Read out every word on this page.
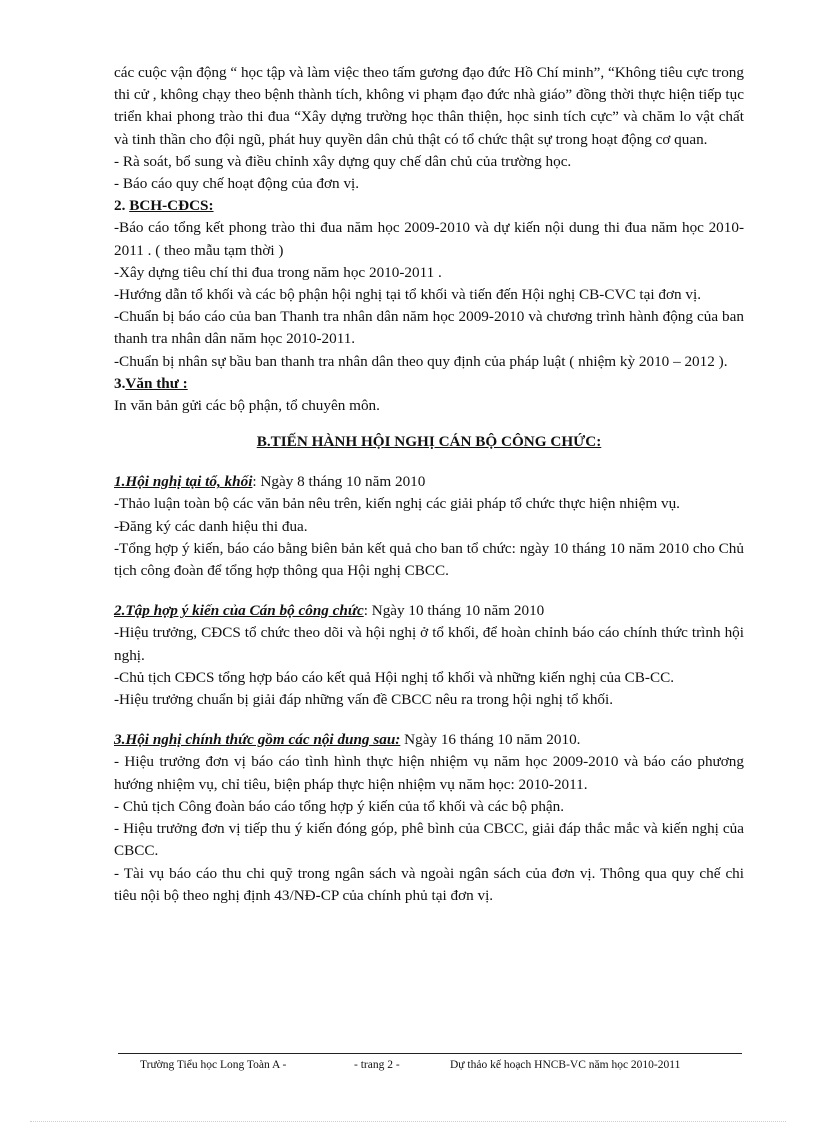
các cuộc vận động “ học tập và làm việc theo tấm gương đạo đức Hồ Chí minh”, “Không tiêu cực trong thi cử , không chạy theo bệnh thành tích, không vi phạm đạo đức nhà giáo” đồng thời thực hiện tiếp tục triển khai phong trào thi đua “Xây dựng trường học thân thiện, học sinh tích cực” và chăm lo vật chất và tinh thần cho đội ngũ, phát huy quyền dân chủ thật có tổ chức thật sự trong hoạt động cơ quan.

- Rà soát, bổ sung và điều chỉnh xây dựng quy chế dân chủ của trường học.

- Báo cáo quy chế hoạt động của đơn vị.

2. BCH-CĐCS:

-Báo cáo tổng kết phong trào thi đua năm học 2009-2010 và dự kiến nội dung thi đua năm học 2010-2011 . ( theo mẫu tạm thời )

-Xây dựng tiêu chí thi đua trong năm học 2010-2011 .

-Hướng dẫn tổ khối và các bộ phận hội nghị tại tổ khối và tiến đến Hội nghị CB-CVC tại đơn vị.

-Chuẩn bị báo cáo của ban Thanh tra nhân dân năm học 2009-2010 và chương trình hành động của ban thanh tra nhân dân năm học 2010-2011.

-Chuẩn bị nhân sự bầu ban thanh tra nhân dân theo quy định của pháp luật ( nhiệm kỳ 2010 – 2012 ).

3.Văn thư :

In văn bản gửi các bộ phận, tổ chuyên môn.

B.TIẾN HÀNH HỘI NGHỊ CÁN BỘ CÔNG CHỨC:

1.Hội nghị tại tổ, khối: Ngày 8 tháng 10 năm 2010

-Thảo luận toàn bộ các văn bản nêu trên, kiến nghị các giải pháp tổ chức thực hiện nhiệm vụ.

-Đăng ký các danh hiệu thi đua.

-Tổng hợp ý kiến, báo cáo bằng biên bản kết quả cho ban tổ chức: ngày 10 tháng 10 năm 2010 cho Chủ tịch công đoàn để tổng hợp thông qua Hội nghị CBCC.

2.Tập hợp ý kiến của Cán bộ công chức: Ngày 10 tháng 10 năm 2010

-Hiệu trưởng, CĐCS tổ chức theo dõi và hội nghị ở tổ khối, để hoàn chỉnh báo cáo chính thức trình hội nghị.

-Chủ tịch CĐCS tổng hợp báo cáo kết quả Hội nghị tổ khối và những kiến nghị của CB-CC.

-Hiệu trưởng chuẩn bị giải đáp những vấn đề CBCC nêu ra trong hội nghị tổ khối.

3.Hội nghị chính thức gồm các nội dung sau: Ngày 16 tháng 10 năm 2010.

- Hiệu trưởng đơn vị báo cáo tình hình thực hiện nhiệm vụ năm học 2009-2010 và báo cáo phương hướng nhiệm vụ, chỉ tiêu, biện pháp thực hiện nhiệm vụ năm học: 2010-2011.

- Chủ tịch Công đoàn báo cáo tổng hợp ý kiến của tổ khối và các bộ phận.

- Hiệu trưởng đơn vị tiếp thu ý kiến đóng góp, phê bình của CBCC, giải đáp thắc mắc và kiến nghị của CBCC.

- Tài vụ báo cáo thu chi quỹ trong ngân sách và ngoài ngân sách của đơn vị. Thông qua quy chế chi tiêu nội bộ theo nghị định 43/NĐ-CP của chính phủ tại đơn vị.

Trường Tiểu học Long Toàn A -	- trang 2 -	Dự thảo kế hoạch HNCB-VC năm học 2010-2011
